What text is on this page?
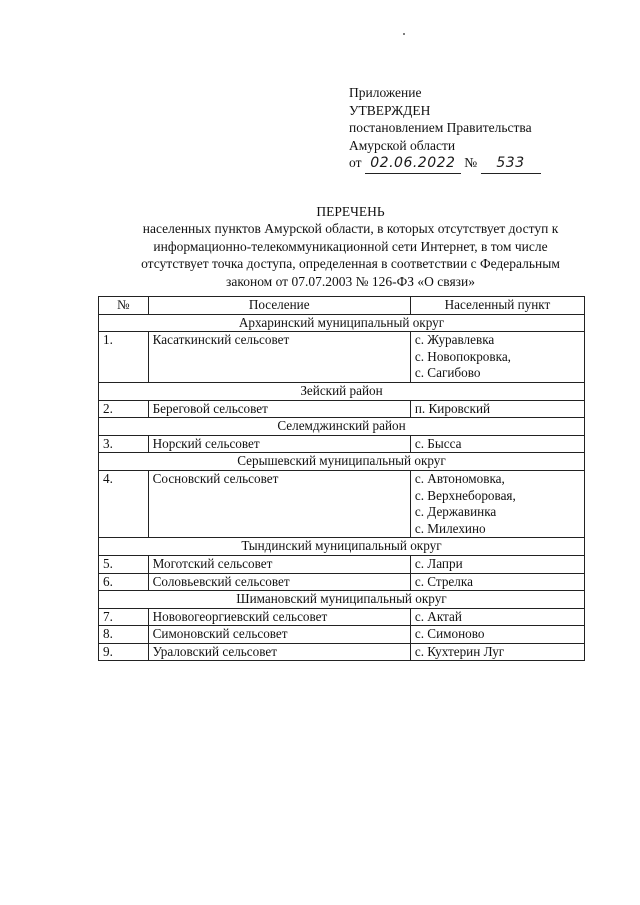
Приложение
УТВЕРЖДЕН
постановлением Правительства
Амурской области
от 02.06.2022 № 533
ПЕРЕЧЕНЬ
населенных пунктов Амурской области, в которых отсутствует доступ к
информационно-телекоммуникационной сети Интернет, в том числе
отсутствует точка доступа, определенная в соответствии с Федеральным
законом от 07.07.2003 № 126-ФЗ «О связи»
№	Поселение	Населенный пункт
Архаринский муниципальный округ		
1.	Касаткинский сельсовет	с. Журавлевка
с. Новопокровка,
с. Сагибово

Зейский район		
2.	Береговой сельсовет	п. Кировский

Селемджинский район		
3.	Норский сельсовет	с. Бысса

Серышевский муниципальный округ		
4.	Сосновский сельсовет	с. Автономовка,
с. Верхнеборовая,
с. Державинка
с. Милехино

Тындинский муниципальный округ		
5.	Моготский сельсовет	с. Лапри

6.	Соловьевский сельсовет	с. Стрелка

Шимановский муниципальный округ		
7.	Нововогеоргиевский сельсовет	с. Актай

8.	Симоновский сельсовет	с. Симоново

9.	Ураловский сельсовет	с. Кухтерин Луг
